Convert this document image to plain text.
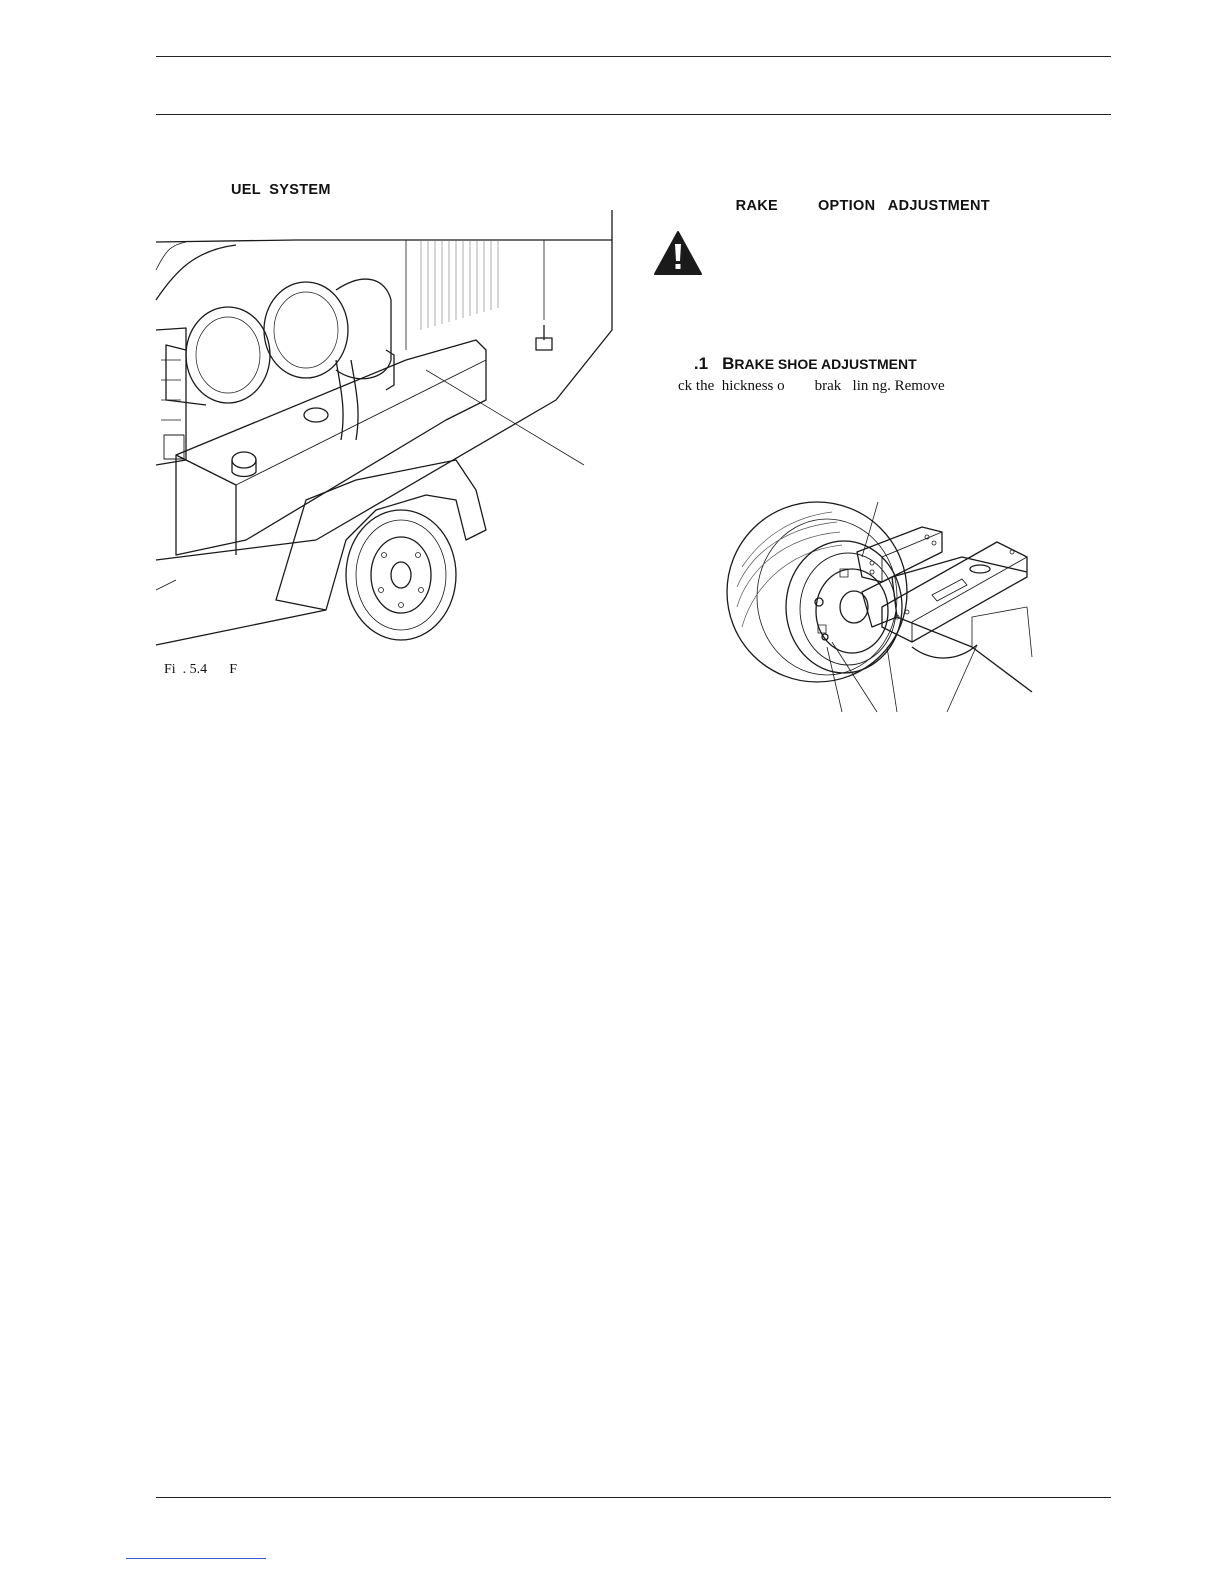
UEL  SYSTEM

Fi  . 5.4 F

RAKE	OPTION   ADJUSTMENT

.1 BRAKE SHOE ADJUSTMENT

ck the  hickness o        brak   lin ng. Remove
